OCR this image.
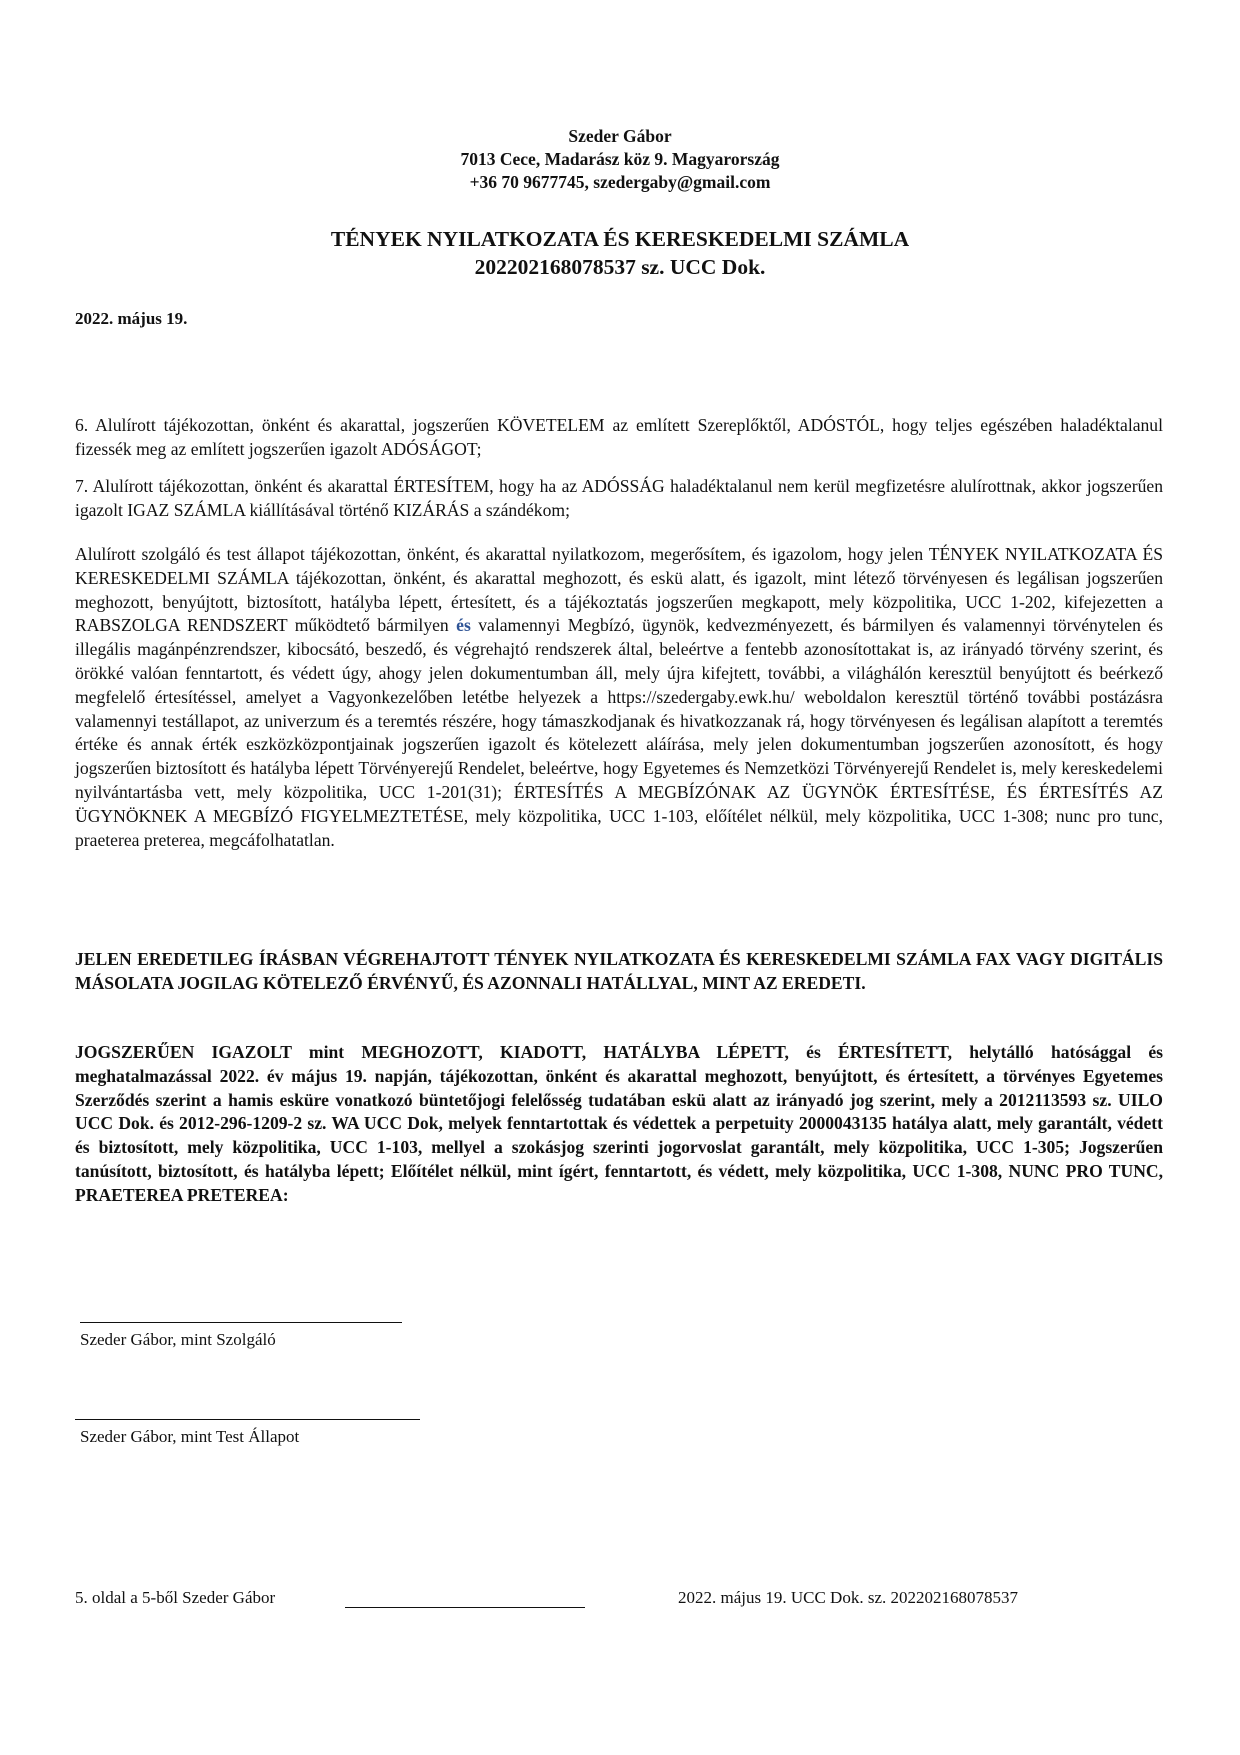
Szeder Gábor
7013 Cece, Madarász köz 9. Magyarország
+36 70 9677745, szedergaby@gmail.com
TÉNYEK NYILATKOZATA ÉS KERESKEDELMI SZÁMLA
202202168078537 sz. UCC Dok.
2022. május 19.

6. Alulírott tájékozottan, önként és akarattal, jogszerűen KÖVETELEM az említett Szereplőktől, ADÓSTÓL, hogy teljes egészében haladéktalanul fizessék meg az említett jogszerűen igazolt ADÓSÁGOT;

7. Alulírott tájékozottan, önként és akarattal ÉRTESÍTEM, hogy ha az ADÓSSÁG haladéktalanul nem kerül megfizetésre alulírottnak, akkor jogszerűen igazolt IGAZ SZÁMLA kiállításával történő KIZÁRÁS a szándékom;

Alulírott szolgáló és test állapot tájékozottan, önként, és akarattal nyilatkozom, megerősítem, és igazolom, hogy jelen TÉNYEK NYILATKOZATA ÉS KERESKEDELMI SZÁMLA tájékozottan, önként, és akarattal meghozott, és eskü alatt, és igazolt, mint létező törvényesen és legálisan jogszerűen meghozott, benyújtott, biztosított, hatályba lépett, értesített, és a tájékoztatás jogszerűen megkapott, mely közpolitika, UCC 1-202, kifejezetten a RABSZOLGA RENDSZERT működtető bármilyen és valamennyi Megbízó, ügynök, kedvezményezett, és bármilyen és valamennyi törvénytelen és illegális magánpénzrendszer, kibocsátó, beszedő, és végrehajtó rendszerek által, beleértve a fentebb azonosítottakat is, az irányadó törvény szerint, és örökké valóan fenntartott, és védett úgy, ahogy jelen dokumentumban áll, mely újra kifejtett, további, a világhálón keresztül benyújtott és beérkező megfelelő értesítéssel, amelyet a Vagyonkezelőben letétbe helyezek a https://szedergaby.ewk.hu/ weboldalon keresztül történő további postázásra valamennyi testállapot, az univerzum és a teremtés részére, hogy támaszkodjanak és hivatkozzanak rá, hogy törvényesen és legálisan alapított a teremtés értéke és annak érték eszközközpontjainak jogszerűen igazolt és kötelezett aláírása, mely jelen dokumentumban jogszerűen azonosított, és hogy jogszerűen biztosított és hatályba lépett Törvényerejű Rendelet, beleértve, hogy Egyetemes és Nemzetközi Törvényerejű Rendelet is, mely kereskedelemi nyilvántartásba vett, mely közpolitika, UCC 1-201(31); ÉRTESÍTÉS A MEGBÍZÓNAK AZ ÜGYNÖK ÉRTESÍTÉSE, ÉS ÉRTESÍTÉS AZ ÜGYNÖKNEK A MEGBÍZÓ FIGYELMEZTETÉSE, mely közpolitika, UCC 1-103, előítélet nélkül, mely közpolitika, UCC 1-308; nunc pro tunc, praeterea preterea, megcáfolhatatlan.

JELEN EREDETILEG ÍRÁSBAN VÉGREHAJTOTT TÉNYEK NYILATKOZATA ÉS KERESKEDELMI SZÁMLA FAX VAGY DIGITÁLIS MÁSOLATA JOGILAG KÖTELEZŐ ÉRVÉNYŰ, ÉS AZONNALI HATÁLLYAL, MINT AZ EREDETI.

JOGSZERŰEN IGAZOLT mint MEGHOZOTT, KIADOTT, HATÁLYBA LÉPETT, és ÉRTESÍTETT, helytálló hatósággal és meghatalmazással 2022. év május 19. napján, tájékozottan, önként és akarattal meghozott, benyújtott, és értesített, a törvényes Egyetemes Szerződés szerint a hamis esküre vonatkozó büntetőjogi felelősség tudatában eskü alatt az irányadó jog szerint, mely a 2012113593 sz. UILO UCC Dok. és 2012-296-1209-2 sz. WA UCC Dok, melyek fenntartottak és védettek a perpetuity 2000043135 hatálya alatt, mely garantált, védett és biztosított, mely közpolitika, UCC 1-103, mellyel a szokásjog szerinti jogorvoslat garantált, mely közpolitika, UCC 1-305; Jogszerűen tanúsított, biztosított, és hatályba lépett; Előítélet nélkül, mint ígért, fenntartott, és védett, mely közpolitika, UCC 1-308, NUNC PRO TUNC, PRAETEREA PRETEREA:

Szeder Gábor, mint Szolgáló
Szeder Gábor, mint Test Állapot
5. oldal a 5-ből Szeder Gábor	2022. május 19. UCC Dok. sz. 202202168078537
